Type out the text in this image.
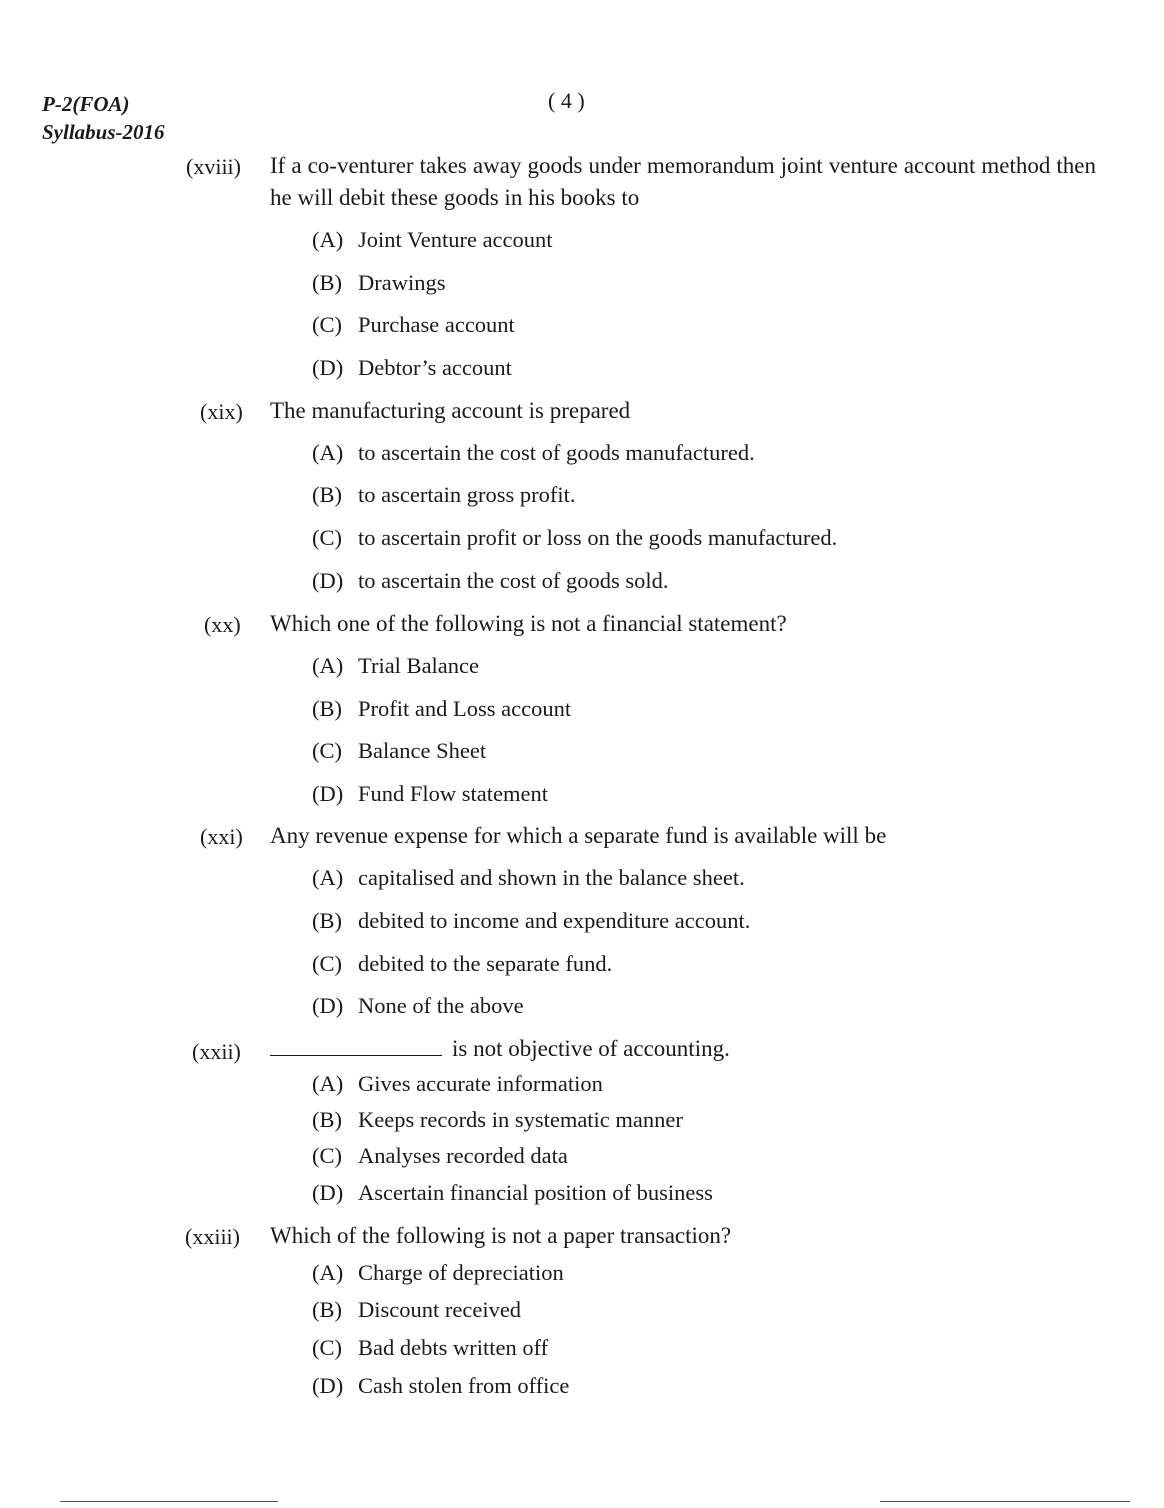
P-2(FOA)
Syllabus-2016
( 4 )
(xviii) If a co-venturer takes away goods under memorandum joint venture account method then he will debit these goods in his books to
(A) Joint Venture account
(B) Drawings
(C) Purchase account
(D) Debtor’s account
(xix) The manufacturing account is prepared
(A) to ascertain the cost of goods manufactured.
(B) to ascertain gross profit.
(C) to ascertain profit or loss on the goods manufactured.
(D) to ascertain the cost of goods sold.
(xx) Which one of the following is not a financial statement?
(A) Trial Balance
(B) Profit and Loss account
(C) Balance Sheet
(D) Fund Flow statement
(xxi) Any revenue expense for which a separate fund is available will be
(A) capitalised and shown in the balance sheet.
(B) debited to income and expenditure account.
(C) debited to the separate fund.
(D) None of the above
(xxii)	is not objective of accounting.
(A) Gives accurate information
(B) Keeps records in systematic manner
(C) Analyses recorded data
(D) Ascertain financial position of business
(xxiii) Which of the following is not a paper transaction?
(A) Charge of depreciation
(B) Discount received
(C) Bad debts written off
(D) Cash stolen from office
